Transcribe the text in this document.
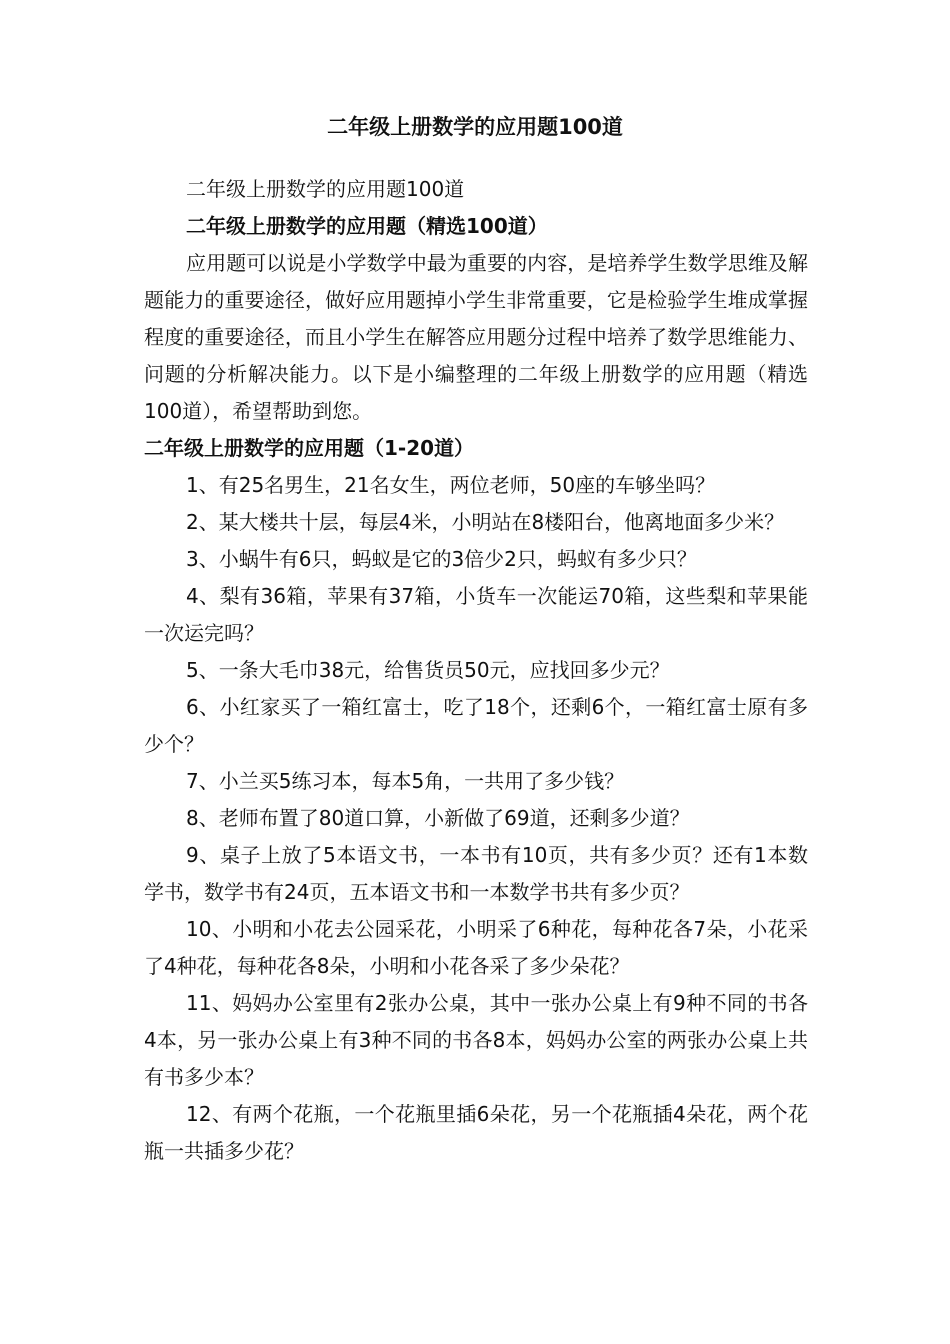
二年级上册数学的应用题100道

二年级上册数学的应用题100道

二年级上册数学的应用题（精选100道）

应用题可以说是小学数学中最为重要的内容，是培养学生数学思维及解题能力的重要途径，做好应用题掉小学生非常重要，它是检验学生堆成掌握程度的重要途径，而且小学生在解答应用题分过程中培养了数学思维能力、问题的分析解决能力。以下是小编整理的二年级上册数学的应用题（精选100道），希望帮助到您。

二年级上册数学的应用题（1-20道）

1、有25名男生，21名女生，两位老师，50座的车够坐吗？

2、某大楼共十层，每层4米，小明站在8楼阳台，他离地面多少米？

3、小蜗牛有6只，蚂蚁是它的3倍少2只，蚂蚁有多少只？

4、梨有36箱，苹果有37箱，小货车一次能运70箱，这些梨和苹果能一次运完吗？

5、一条大毛巾38元，给售货员50元，应找回多少元？

6、小红家买了一箱红富士，吃了18个，还剩6个，一箱红富士原有多少个？

7、小兰买5练习本，每本5角，一共用了多少钱？

8、老师布置了80道口算，小新做了69道，还剩多少道？

9、桌子上放了5本语文书，一本书有10页，共有多少页？还有1本数学书，数学书有24页，五本语文书和一本数学书共有多少页？

10、小明和小花去公园采花，小明采了6种花，每种花各7朵，小花采了4种花，每种花各8朵，小明和小花各采了多少朵花？

11、妈妈办公室里有2张办公桌，其中一张办公桌上有9种不同的书各4本，另一张办公桌上有3种不同的书各8本，妈妈办公室的两张办公桌上共有书多少本？

12、有两个花瓶，一个花瓶里插6朵花，另一个花瓶插4朵花，两个花瓶一共插多少花？
